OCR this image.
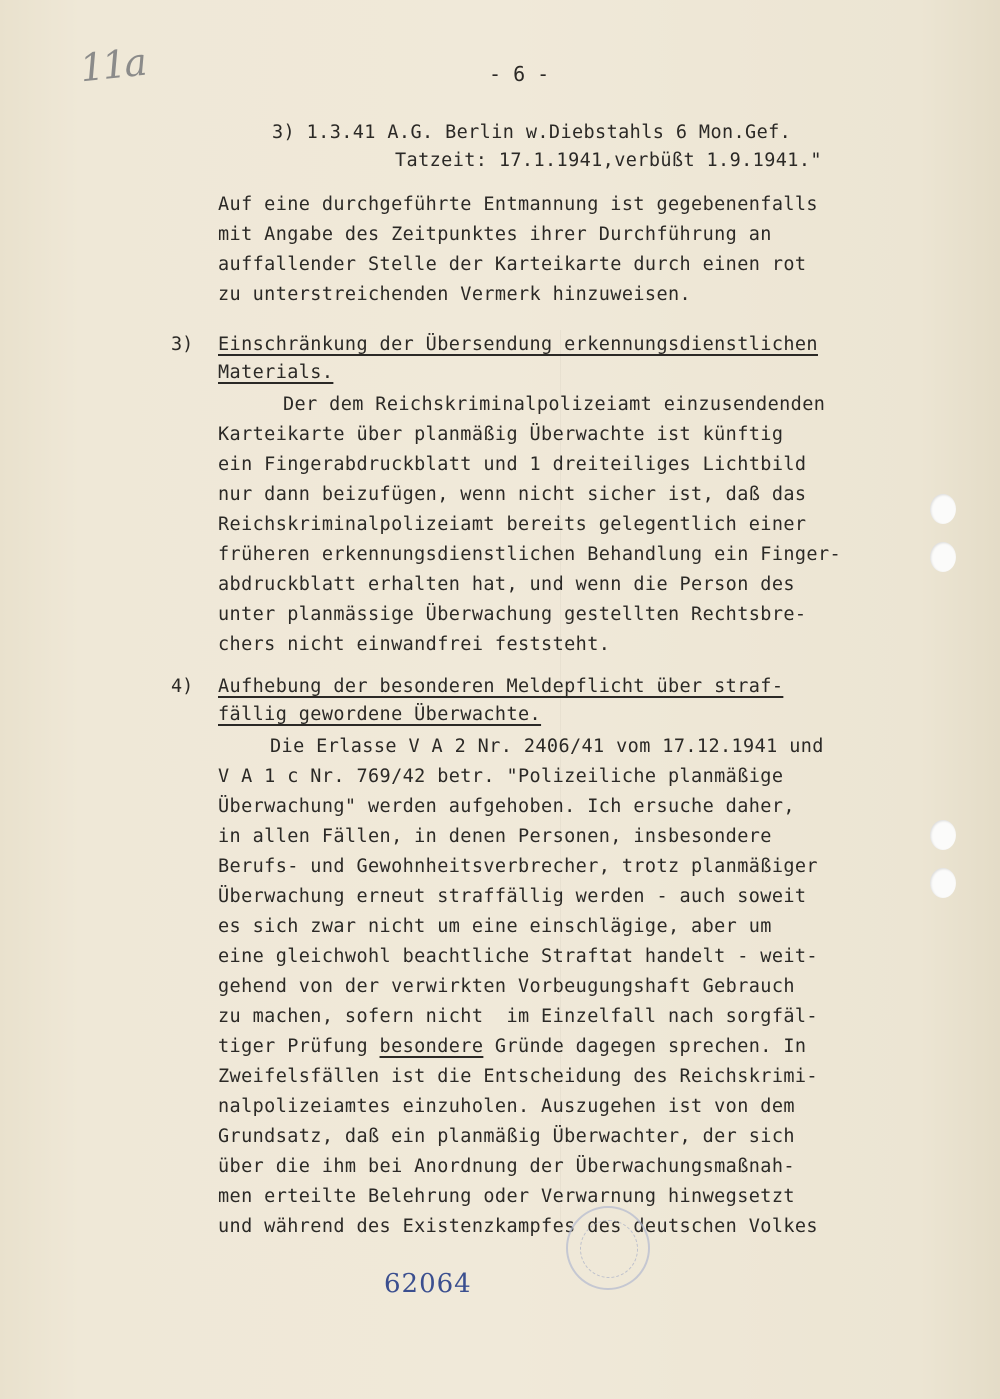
11a	- 6 -
3) 1.3.41 A.G. Berlin w.Diebstahls 6 Mon.Gef.
Tatzeit: 17.1.1941,verbüßt 1.9.1941."
Auf eine durchgeführte Entmannung ist gegebenenfalls
mit Angabe des Zeitpunktes ihrer Durchführung an
auffallender Stelle der Karteikarte durch einen rot
zu unterstreichenden Vermerk hinzuweisen.
3) Einschränkung der Übersendung erkennungsdienstlichen
Materials.
Der dem Reichskriminalpolizeiamt einzusendenden
Karteikarte über planmäßig Überwachte ist künftig
ein Fingerabdruckblatt und 1 dreiteiliges Lichtbild
nur dann beizufügen, wenn nicht sicher ist, daß das
Reichskriminalpolizeiamt bereits gelegentlich einer
früheren erkennungsdienstlichen Behandlung ein Finger-
abdruckblatt erhalten hat, und wenn die Person des
unter planmässige Überwachung gestellten Rechtsbre-
chers nicht einwandfrei feststeht.
4) Aufhebung der besonderen Meldepflicht über straf-
fällig gewordene Überwachte.
Die Erlasse V A 2 Nr. 2406/41 vom 17.12.1941 und
V A 1 c Nr. 769/42 betr. "Polizeiliche planmäßige
Überwachung" werden aufgehoben. Ich ersuche daher,
in allen Fällen, in denen Personen, insbesondere
Berufs- und Gewohnheitsverbrecher, trotz planmäßiger
Überwachung erneut straffällig werden - auch soweit
es sich zwar nicht um eine einschlägige, aber um
eine gleichwohl beachtliche Straftat handelt - weit-
gehend von der verwirkten Vorbeugungshaft Gebrauch
zu machen, sofern nicht  im Einzelfall nach sorgfäl-
tiger Prüfung besondere Gründe dagegen sprechen. In
Zweifelsfällen ist die Entscheidung des Reichskrimi-
nalpolizeiamtes einzuholen. Auszugehen ist von dem
Grundsatz, daß ein planmäßig Überwachter, der sich
über die ihm bei Anordnung der Überwachungsmaßnah-
men erteilte Belehrung oder Verwarnung hinwegsetzt
und während des Existenzkampfes des deutschen Volkes
62064
